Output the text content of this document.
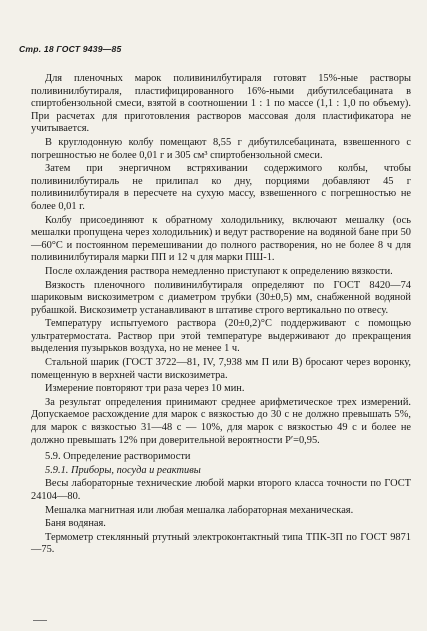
Стр. 18 ГОСТ 9439—85

Для пленочных марок поливинилбутираля готовят 15%-ные растворы поливинилбутираля, пластифицированного 16%-ными дибутилсебацината в спиртобензольной смеси, взятой в соотношении 1 : 1 по массе (1,1 : 1,0 по объему). При расчетах для приготовления растворов массовая доля пластификатора не учитывается.

В круглодонную колбу помещают 8,55 г дибутилсебацината, взвешенного с погрешностью не более 0,01 г и 305 см³ спиртобензольной смеси.

Затем при энергичном встряхивании содержимого колбы, чтобы поливинилбутираль не прилипал ко дну, порциями добавляют 45 г поливинилбутираля в пересчете на сухую массу, взвешенного с погрешностью не более 0,01 г.

Колбу присоединяют к обратному холодильнику, включают мешалку (ось мешалки пропущена через холодильник) и ведут растворение на водяной бане при 50—60°С и постоянном перемешивании до полного растворения, но не более 8 ч для поливинилбутираля марки ПП и 12 ч для марки ПШ-1.

После охлаждения раствора немедленно приступают к определению вязкости.

Вязкость пленочного поливинилбутираля определяют по ГОСТ 8420—74 шариковым вискозиметром с диаметром трубки (30±0,5) мм, снабженной водяной рубашкой. Вискозиметр устанавливают в штативе строго вертикально по отвесу.

Температуру испытуемого раствора (20±0,2)°С поддерживают с помощью ультратермостата. Раствор при этой температуре выдерживают до прекращения выделения пузырьков воздуха, но не менее 1 ч.

Стальной шарик (ГОСТ 3722—81, IV, 7,938 мм П или В) бросают через воронку, помещенную в верхней части вискозиметра.

Измерение повторяют три раза через 10 мин.

За результат определения принимают среднее арифметическое трех измерений. Допускаемое расхождение для марок с вязкостью до 30 с не должно превышать 5%, для марок с вязкостью 31—48 с — 10%, для марок с вязкостью 49 с и более не должно превышать 12% при доверительной вероятности P′=0,95.

5.9. Определение растворимости

5.9.1. Приборы, посуда и реактивы

Весы лабораторные технические любой марки второго класса точности по ГОСТ 24104—80.

Мешалка магнитная или любая мешалка лабораторная механическая.

Баня водяная.

Термометр стеклянный ртутный электроконтактный типа ТПК-3П по ГОСТ 9871—75.
